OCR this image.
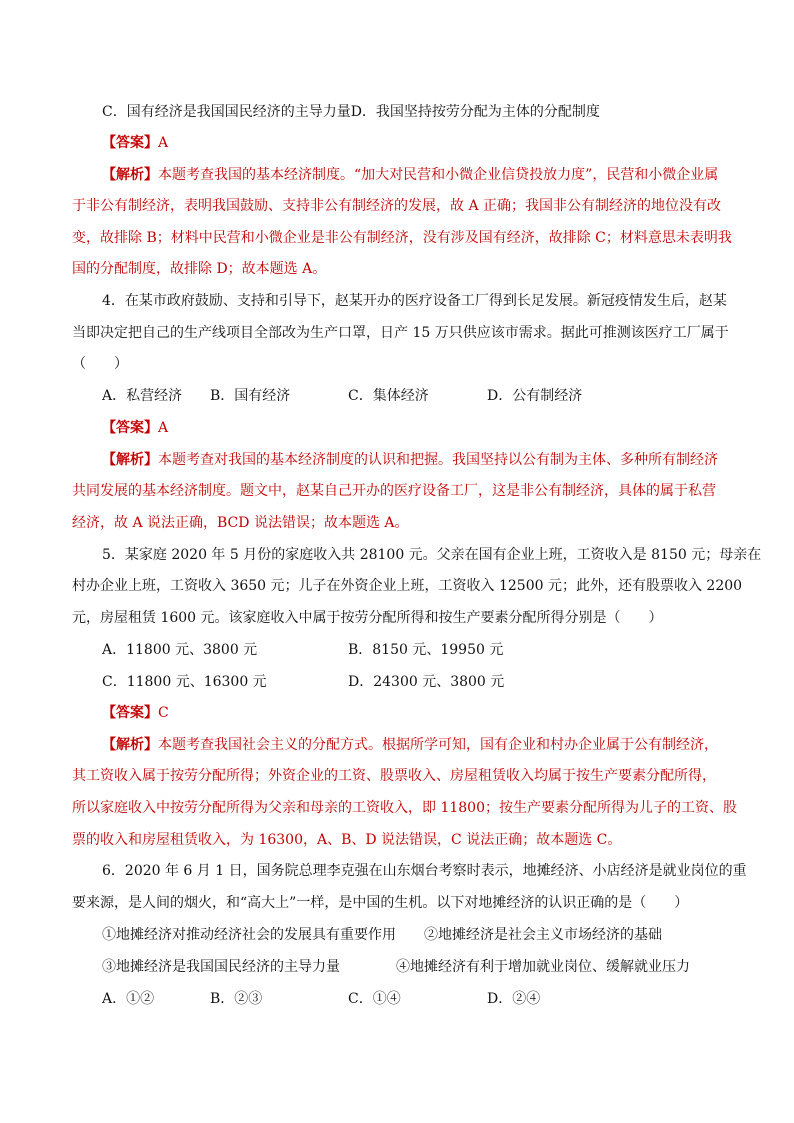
C．国有经济是我国国民经济的主导力量D．我国坚持按劳分配为主体的分配制度
【答案】A
【解析】本题考查我国的基本经济制度。“加大对民营和小微企业信贷投放力度”，民营和小微企业属
于非公有制经济，表明我国鼓励、支持非公有制经济的发展，故 A 正确；我国非公有制经济的地位没有改
变，故排除 B；材料中民营和小微企业是非公有制经济，没有涉及国有经济，故排除 C；材料意思未表明我
国的分配制度，故排除 D；故本题选 A。
4．在某市政府鼓励、支持和引导下，赵某开办的医疗设备工厂得到长足发展。新冠疫情发生后，赵某
当即决定把自己的生产线项目全部改为生产口罩，日产 15 万只供应该市需求。据此可推测该医疗工厂属于
（　　）
A．私营经济 B．国有经济	C．集体经济	D．公有制经济
【答案】A
【解析】本题考查对我国的基本经济制度的认识和把握。我国坚持以公有制为主体、多种所有制经济
共同发展的基本经济制度。题文中，赵某自己开办的医疗设备工厂，这是非公有制经济，具体的属于私营
经济，故 A 说法正确，BCD 说法错误；故本题选 A。
5．某家庭 2020 年 5 月份的家庭收入共 28100 元。父亲在国有企业上班，工资收入是 8150 元；母亲在
村办企业上班，工资收入 3650 元；儿子在外资企业上班，工资收入 12500 元；此外，还有股票收入 2200
元，房屋租赁 1600 元。该家庭收入中属于按劳分配所得和按生产要素分配所得分别是（　　）
A．11800 元、3800 元	B．8150 元、19950 元
C．11800 元、16300 元	D．24300 元、3800 元
【答案】C
【解析】本题考查我国社会主义的分配方式。根据所学可知，国有企业和村办企业属于公有制经济，
其工资收入属于按劳分配所得；外资企业的工资、股票收入、房屋租赁收入均属于按生产要素分配所得，
所以家庭收入中按劳分配所得为父亲和母亲的工资收入，即 11800；按生产要素分配所得为儿子的工资、股
票的收入和房屋租赁收入，为 16300，A、B、D 说法错误，C 说法正确；故本题选 C。
6．2020 年 6 月 1 日，国务院总理李克强在山东烟台考察时表示，地摊经济、小店经济是就业岗位的重
要来源，是人间的烟火，和“高大上”一样，是中国的生机。以下对地摊经济的认识正确的是（　　）
①地摊经济对推动经济社会的发展具有重要作用 ②地摊经济是社会主义市场经济的基础
③地摊经济是我国国民经济的主导力量	④地摊经济有利于增加就业岗位、缓解就业压力
A．①②	B．②③	C．①④	D．②④
